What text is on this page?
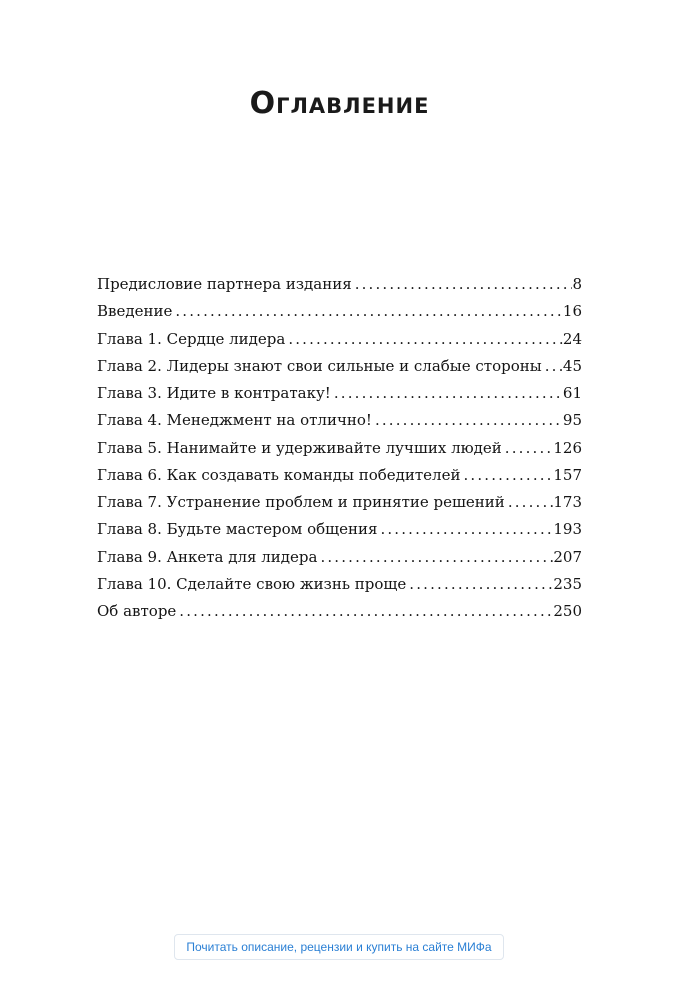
Оглавление
Предисловие партнера издания . . .	8
Введение . . .	16
Глава 1. Сердце лидера . . .	24
Глава 2. Лидеры знают свои сильные и слабые стороны . . . 45
Глава 3. Идите в контратаку! . . .	61
Глава 4. Менеджмент на отлично! . . .	95
Глава 5. Нанимайте и удерживайте лучших людей . . .	126
Глава 6. Как создавать команды победителей . . .	157
Глава 7. Устранение проблем и принятие решений . . .	173
Глава 8. Будьте мастером общения . . .	193
Глава 9. Анкета для лидера . . .	207
Глава 10. Сделайте свою жизнь проще . . .	235
Об авторе . . .	250
Почитать описание, рецензии и купить на сайте МИФа
